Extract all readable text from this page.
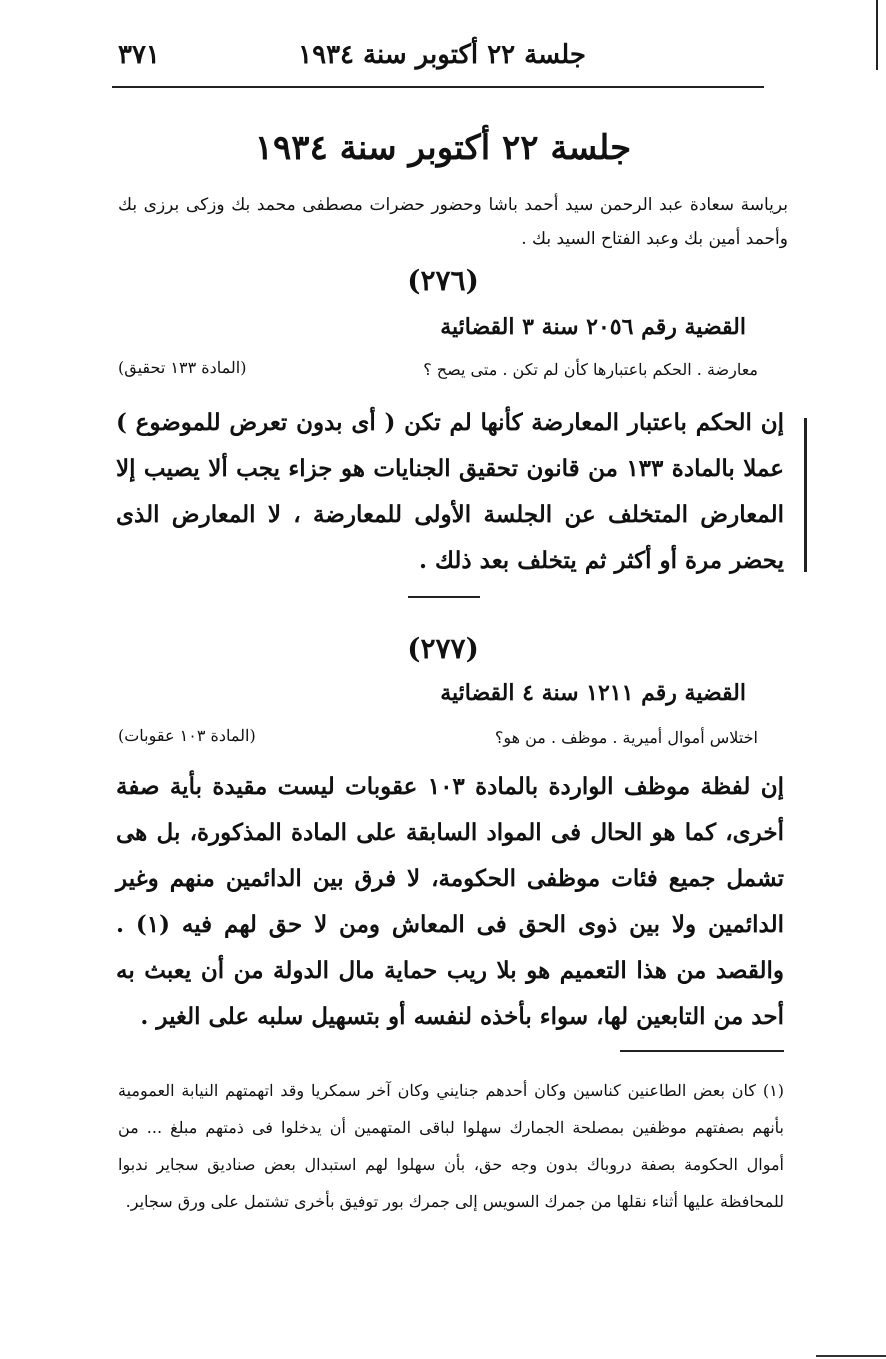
جلسة ٢٢ أكتوبر سنة ١٩٣٤
٣٧١
جلسة ٢٢ أكتوبر سنة ١٩٣٤
برياسة سعادة عبد الرحمن سيد أحمد باشا وحضور حضرات مصطفى محمد بك وزكى برزى بك وأحمد أمين بك وعبد الفتاح السيد بك .
(٢٧٦)
القضية رقم ٢٠٥٦ سنة ٣ القضائية
معارضة . الحكم باعتبارها كأن لم تكن . متى يصح ؟
(المادة ١٣٣ تحقيق)
إن الحكم باعتبار المعارضة كأنها لم تكن ( أى بدون تعرض للموضوع ) عملا بالمادة ١٣٣ من قانون تحقيق الجنايات هو جزاء يجب ألا يصيب إلا المعارض المتخلف عن الجلسة الأولى للمعارضة ، لا المعارض الذى يحضر مرة أو أكثر ثم يتخلف بعد ذلك .
(٢٧٧)
القضية رقم ١٢١١ سنة ٤ القضائية
اختلاس أموال أميرية . موظف . من هو؟
(المادة ١٠٣ عقوبات)
إن لفظة موظف الواردة بالمادة ١٠٣ عقوبات ليست مقيدة بأية صفة أخرى، كما هو الحال فى المواد السابقة على المادة المذكورة، بل هى تشمل جميع فئات موظفى الحكومة، لا فرق بين الدائمين منهم وغير الدائمين ولا بين ذوى الحق فى المعاش ومن لا حق لهم فيه (١) . والقصد من هذا التعميم هو بلا ريب حماية مال الدولة من أن يعبث به أحد من التابعين لها، سواء بأخذه لنفسه أو بتسهيل سلبه على الغير .
(١) كان بعض الطاعنين كناسين وكان أحدهم جنايني وكان آخر سمكريا وقد اتهمتهم النيابة العمومية بأنهم بصفتهم موظفين بمصلحة الجمارك سهلوا لباقى المتهمين أن يدخلوا فى ذمتهم مبلغ ... من أموال الحكومة بصفة دروباك بدون وجه حق، بأن سهلوا لهم استبدال بعض صناديق سجاير ندبوا للمحافظة عليها أثناء نقلها من جمرك السويس إلى جمرك بور توفيق بأخرى تشتمل على ورق سجاير.
